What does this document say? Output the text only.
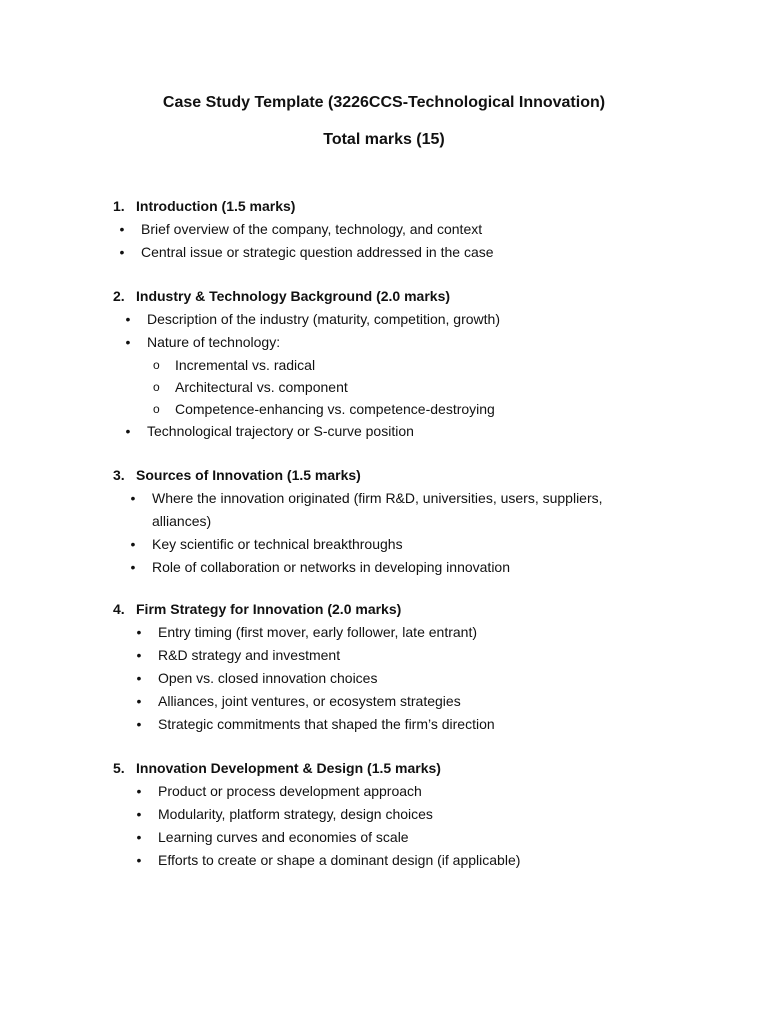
Case Study Template (3226CCS-Technological Innovation)
Total marks (15)
1. Introduction (1.5 marks)
• Brief overview of the company, technology, and context
• Central issue or strategic question addressed in the case
2. Industry & Technology Background (2.0 marks)
• Description of the industry (maturity, competition, growth)
• Nature of technology:
o Incremental vs. radical
o Architectural vs. component
o Competence-enhancing vs. competence-destroying
• Technological trajectory or S-curve position
3. Sources of Innovation (1.5 marks)
• Where the innovation originated (firm R&D, universities, users, suppliers, alliances)
• Key scientific or technical breakthroughs
• Role of collaboration or networks in developing innovation
4. Firm Strategy for Innovation (2.0 marks)
• Entry timing (first mover, early follower, late entrant)
• R&D strategy and investment
• Open vs. closed innovation choices
• Alliances, joint ventures, or ecosystem strategies
• Strategic commitments that shaped the firm’s direction
5. Innovation Development & Design (1.5 marks)
• Product or process development approach
• Modularity, platform strategy, design choices
• Learning curves and economies of scale
• Efforts to create or shape a dominant design (if applicable)
